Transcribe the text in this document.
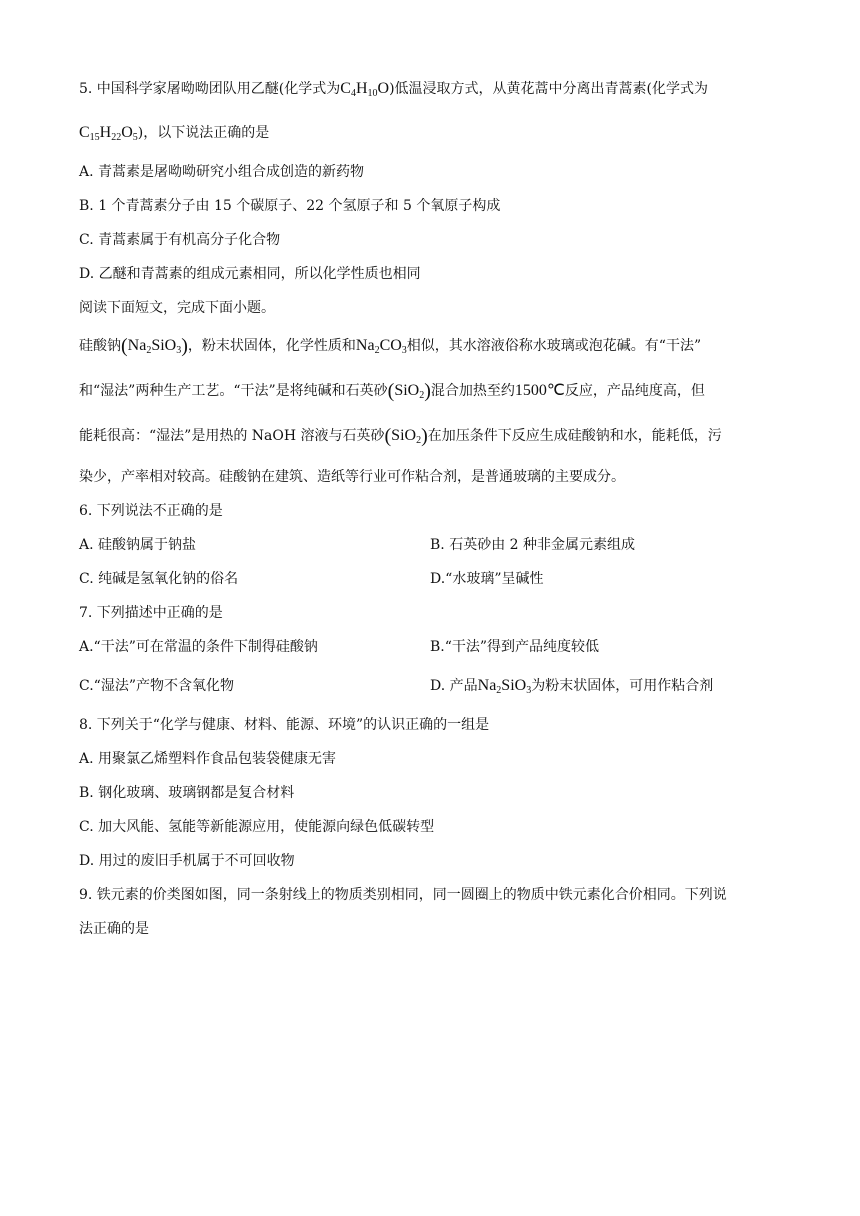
5. 中国科学家屠呦呦团队用乙醚(化学式为$C_4H_{10}O$)低温浸取方式，从黄花蒿中分离出青蒿素(化学式为
$C_{15}H_{22}O_5$)，以下说法正确的是
A. 青蒿素是屠呦呦研究小组合成创造的新药物
B. 1 个青蒿素分子由 15 个碳原子、22 个氢原子和 5 个氧原子构成
C. 青蒿素属于有机高分子化合物
D. 乙醚和青蒿素的组成元素相同，所以化学性质也相同
阅读下面短文，完成下面小题。
硅酸钠$(Na_2SiO_3)$，粉末状固体，化学性质和$Na_2CO_3$相似，其水溶液俗称水玻璃或泡花碱。有“干法”
和“湿法”两种生产工艺。“干法”是将纯碱和石英砂(SiO$_2$)混合加热至约1500℃反应，产品纯度高，但
能耗很高：“湿法”是用热的 NaOH 溶液与石英砂(SiO$_2$)在加压条件下反应生成硅酸钠和水，能耗低，污
染少，产率相对较高。硅酸钠在建筑、造纸等行业可作粘合剂，是普通玻璃的主要成分。
6. 下列说法不正确的是
A. 硅酸钠属于钠盐	B. 石英砂由 2 种非金属元素组成
C. 纯碱是氢氧化钠的俗名	D.“水玻璃”呈碱性
7. 下列描述中正确的是
A.“干法”可在常温的条件下制得硅酸钠	B.“干法”得到产品纯度较低
C.“湿法”产物不含氧化物	D. 产品$Na_2SiO_3$为粉末状固体，可用作粘合剂
8. 下列关于“化学与健康、材料、能源、环境”的认识正确的一组是
A. 用聚氯乙烯塑料作食品包装袋健康无害
B. 钢化玻璃、玻璃钢都是复合材料
C. 加大风能、氢能等新能源应用，使能源向绿色低碳转型
D. 用过的废旧手机属于不可回收物
9. 铁元素的价类图如图，同一条射线上的物质类别相同，同一圆圈上的物质中铁元素化合价相同。下列说
法正确的是
